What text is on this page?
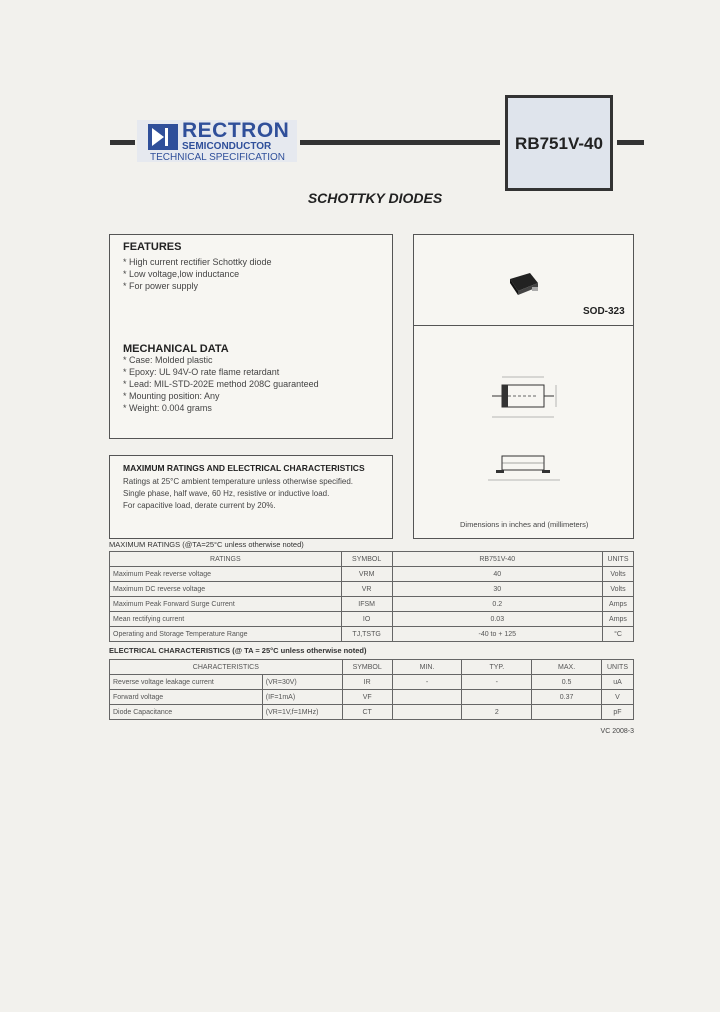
RECTRON
SEMICONDUCTOR
TECHNICAL SPECIFICATION
RB751V-40
SCHOTTKY DIODES
FEATURES
* High current rectifier Schottky diode
* Low voltage,low inductance
* For power supply
MECHANICAL DATA
* Case: Molded plastic
* Epoxy: UL 94V-O rate flame retardant
* Lead: MIL-STD-202E method 208C guaranteed
* Mounting position: Any
* Weight: 0.004 grams
SOD-323
Dimensions in inches and (millimeters)
MAXIMUM RATINGS AND ELECTRICAL CHARACTERISTICS
Ratings at 25°C ambient temperature unless otherwise specified.
Single phase, half wave, 60 Hz, resistive or inductive load.
For capacitive load, derate current by 20%.
MAXIMUM RATINGS (@TA=25°C unless otherwise noted)
RATINGS	SYMBOL	RB751V-40	UNITS
Maximum Peak reverse voltage	VRM	40	Volts
Maximum DC reverse voltage	VR	30	Volts
Maximum Peak Forward Surge Current	IFSM	0.2	Amps
Mean rectifying current	IO	0.03	Amps
Operating and Storage Temperature Range	TJ,TSTG	-40 to + 125	°C
ELECTRICAL CHARACTERISTICS (@ TA = 25°C unless otherwise noted)
CHARACTERISTICS		SYMBOL	MIN.	TYP.	MAX.	UNITS
Reverse voltage leakage current	(VR=30V)	IR	-	-	0.5	uA
Forward voltage	(IF=1mA)	VF			0.37	V
Diode Capacitance	(VR=1V,f=1MHz)	CT		2		pF
VC 2008-3
